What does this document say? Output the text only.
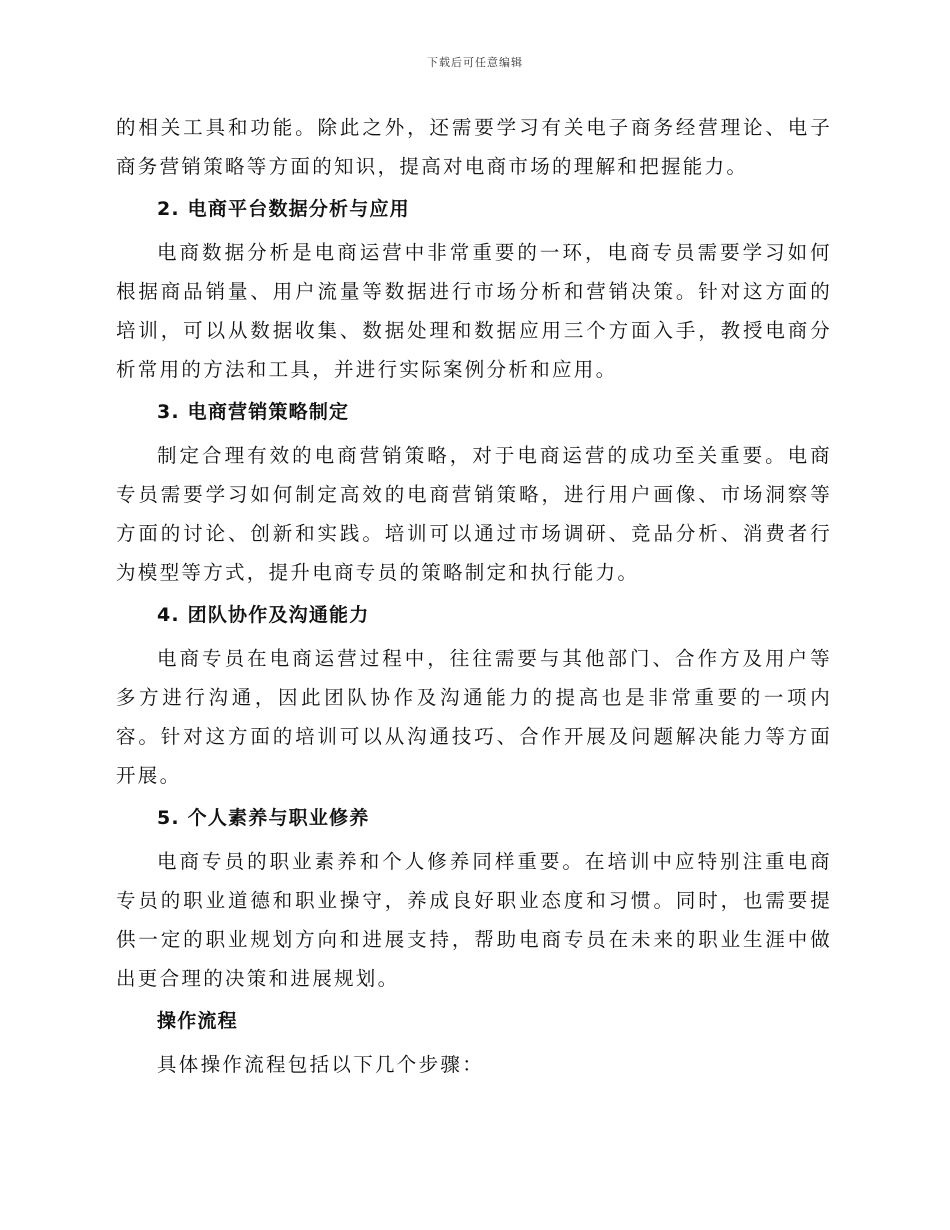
下载后可任意编辑

的相关工具和功能。除此之外，还需要学习有关电子商务经营理论、电子商务营销策略等方面的知识，提高对电商市场的理解和把握能力。

2. 电商平台数据分析与应用

电商数据分析是电商运营中非常重要的一环，电商专员需要学习如何根据商品销量、用户流量等数据进行市场分析和营销决策。针对这方面的培训，可以从数据收集、数据处理和数据应用三个方面入手，教授电商分析常用的方法和工具，并进行实际案例分析和应用。

3. 电商营销策略制定

制定合理有效的电商营销策略，对于电商运营的成功至关重要。电商专员需要学习如何制定高效的电商营销策略，进行用户画像、市场洞察等方面的讨论、创新和实践。培训可以通过市场调研、竞品分析、消费者行为模型等方式，提升电商专员的策略制定和执行能力。

4. 团队协作及沟通能力

电商专员在电商运营过程中，往往需要与其他部门、合作方及用户等多方进行沟通，因此团队协作及沟通能力的提高也是非常重要的一项内容。针对这方面的培训可以从沟通技巧、合作开展及问题解决能力等方面开展。

5. 个人素养与职业修养

电商专员的职业素养和个人修养同样重要。在培训中应特别注重电商专员的职业道德和职业操守，养成良好职业态度和习惯。同时，也需要提供一定的职业规划方向和进展支持，帮助电商专员在未来的职业生涯中做出更合理的决策和进展规划。

操作流程

具体操作流程包括以下几个步骤：
